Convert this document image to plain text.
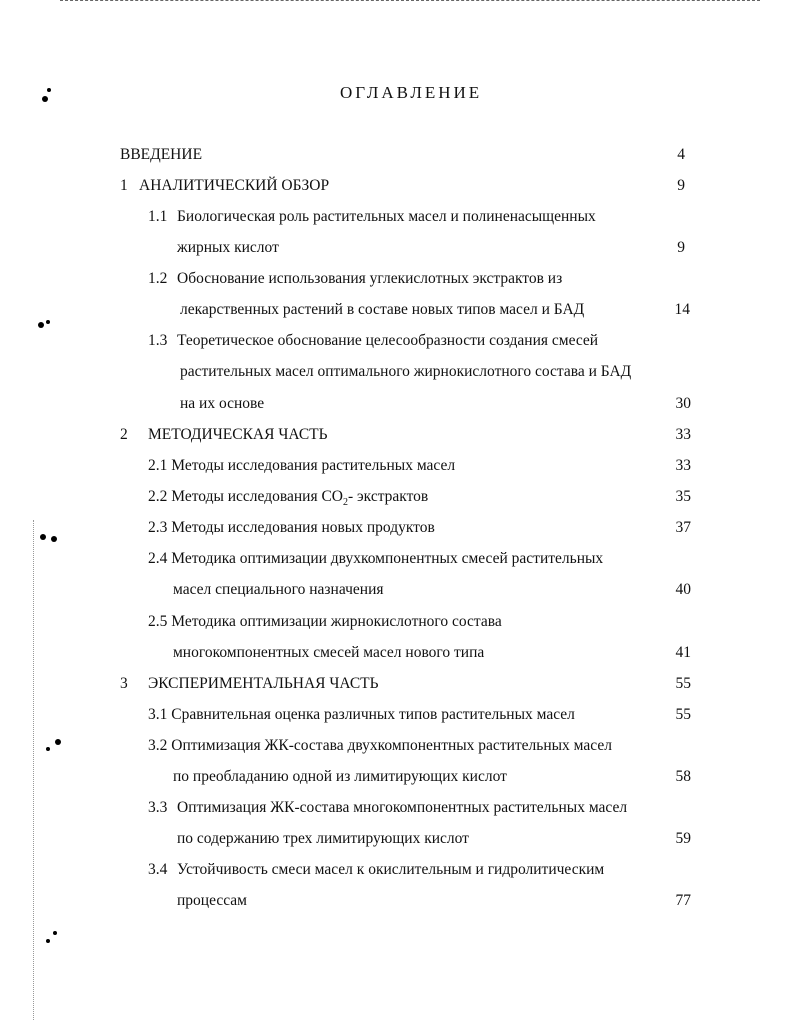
ОГЛАВЛЕНИЕ
ВВЕДЕНИЕ	4
1 АНАЛИТИЧЕСКИЙ ОБЗОР	9
1.1 Биологическая роль растительных масел и полиненасыщенных
жирных кислот	9
1.2 Обоснование использования углекислотных экстрактов из
лекарственных растений в составе новых типов масел и БАД	14
1.3 Теоретическое обоснование целесообразности создания смесей
растительных масел оптимального жирнокислотного состава и БАД
на их основе	30
2 МЕТОДИЧЕСКАЯ ЧАСТЬ	33
2.1 Методы исследования растительных масел	33
2.2 Методы исследования $СО_2-$ экстрактов	35
2.3 Методы исследования новых продуктов	37
2.4 Методика оптимизации двухкомпонентных смесей растительных
масел специального назначения	40
2.5 Методика оптимизации жирнокислотного состава
многокомпонентных смесей масел нового типа	41
3 ЭКСПЕРИМЕНТАЛЬНАЯ ЧАСТЬ	55
3.1 Сравнительная оценка различных типов растительных масел	55
3.2 Оптимизация ЖК-состава двухкомпонентных растительных масел
по преобладанию одной из лимитирующих кислот	58
3.3 Оптимизация ЖК-состава многокомпонентных растительных масел
по содержанию трех лимитирующих кислот	59
3.4 Устойчивость смеси масел к окислительным и гидролитическим
процессам	77
